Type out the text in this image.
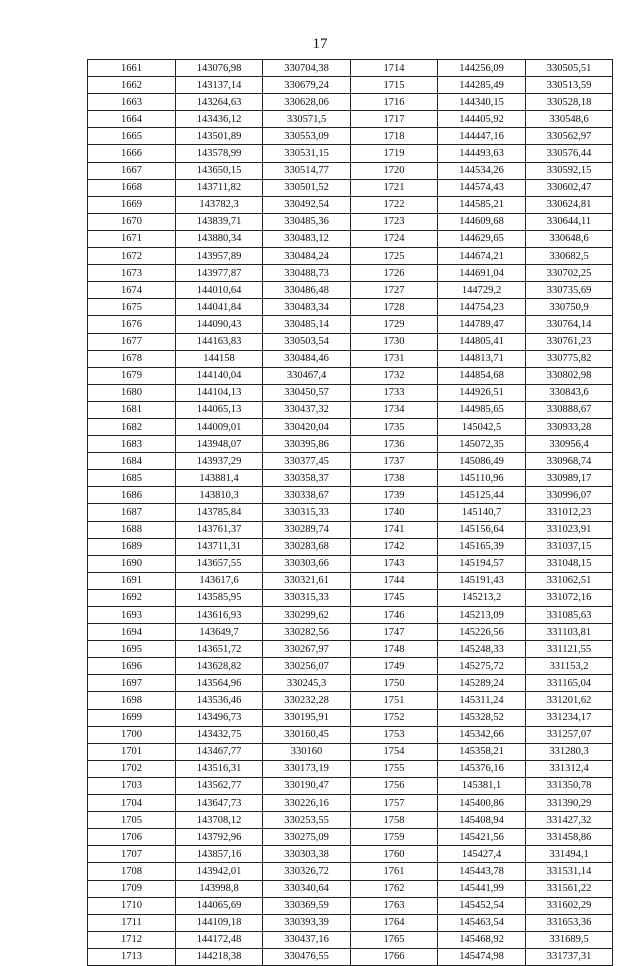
17
1661	143076,98	330704,38	1714	144256,09	330505,51
1662	143137,14	330679,24	1715	144285,49	330513,59
1663	143264,63	330628,06	1716	144340,15	330528,18
1664	143436,12	330571,5	1717	144405,92	330548,6
1665	143501,89	330553,09	1718	144447,16	330562,97
1666	143578,99	330531,15	1719	144493,63	330576,44
1667	143650,15	330514,77	1720	144534,26	330592,15
1668	143711,82	330501,52	1721	144574,43	330602,47
1669	143782,3	330492,54	1722	144585,21	330624,81
1670	143839,71	330485,36	1723	144609,68	330644,11
1671	143880,34	330483,12	1724	144629,65	330648,6
1672	143957,89	330484,24	1725	144674,21	330682,5
1673	143977,87	330488,73	1726	144691,04	330702,25
1674	144010,64	330486,48	1727	144729,2	330735,69
1675	144041,84	330483,34	1728	144754,23	330750,9
1676	144090,43	330485,14	1729	144789,47	330764,14
1677	144163,83	330503,54	1730	144805,41	330761,23
1678	144158	330484,46	1731	144813,71	330775,82
1679	144140,04	330467,4	1732	144854,68	330802,98
1680	144104,13	330450,57	1733	144926,51	330843,6
1681	144065,13	330437,32	1734	144985,65	330888,67
1682	144009,01	330420,04	1735	145042,5	330933,28
1683	143948,07	330395,86	1736	145072,35	330956,4
1684	143937,29	330377,45	1737	145086,49	330968,74
1685	143881,4	330358,37	1738	145110,96	330989,17
1686	143810,3	330338,67	1739	145125,44	330996,07
1687	143785,84	330315,33	1740	145140,7	331012,23
1688	143761,37	330289,74	1741	145156,64	331023,91
1689	143711,31	330283,68	1742	145165,39	331037,15
1690	143657,55	330303,66	1743	145194,57	331048,15
1691	143617,6	330321,61	1744	145191,43	331062,51
1692	143585,95	330315,33	1745	145213,2	331072,16
1693	143616,93	330299,62	1746	145213,09	331085,63
1694	143649,7	330282,56	1747	145226,56	331103,81
1695	143651,72	330267,97	1748	145248,33	331121,55
1696	143628,82	330256,07	1749	145275,72	331153,2
1697	143564,96	330245,3	1750	145289,24	331165,04
1698	143536,46	330232,28	1751	145311,24	331201,62
1699	143496,73	330195,91	1752	145328,52	331234,17
1700	143432,75	330160,45	1753	145342,66	331257,07
1701	143467,77	330160	1754	145358,21	331280,3
1702	143516,31	330173,19	1755	145376,16	331312,4
1703	143562,77	330190,47	1756	145381,1	331350,78
1704	143647,73	330226,16	1757	145400,86	331390,29
1705	143708,12	330253,55	1758	145408,94	331427,32
1706	143792,96	330275,09	1759	145421,56	331458,86
1707	143857,16	330303,38	1760	145427,4	331494,1
1708	143942,01	330326,72	1761	145443,78	331531,14
1709	143998,8	330340,64	1762	145441,99	331561,22
1710	144065,69	330369,59	1763	145452,54	331602,29
1711	144109,18	330393,39	1764	145463,54	331653,36
1712	144172,48	330437,16	1765	145468,92	331689,5
1713	144218,38	330476,55	1766	145474,98	331737,31
